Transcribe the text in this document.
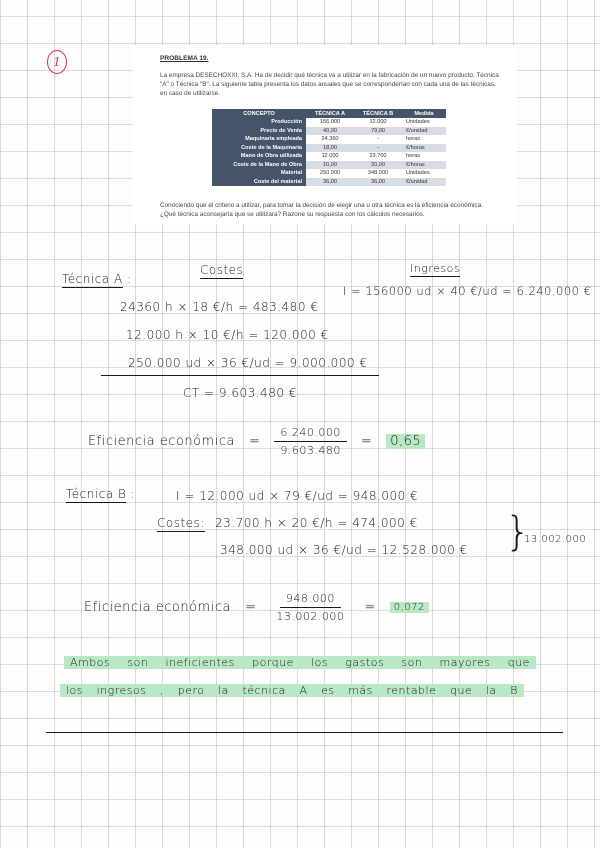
1	PROBLEMA 19.
La empresa DESECHOXXI, S.A. Ha de decidir qué técnica va a utilizar en la fabricación de un nuevo producto: Técnica "A" o Técnica "B". La siguiente tabla presenta los datos anuales que se corresponderían con cada una de las técnicas, en caso de utilizarse.
CONCEPTO	TÉCNICA A	TÉCNICA B	Medida
Producción	156.000	12.000	Unidades
Precio de Venta	40,00	79,00	€/unidad
Maquinaria empleada	24.360	-	horas
Coste de la Maquinaria	18,00	-	€/horas
Mano de Obra utilizada	12.000	23.700	horas
Coste de la Mano de Obra	10,00	20,00	€/horas
Material	250.000	348.000	Unidades
Coste del material	36,00	36,00	€/unidad
Conociendo que el criterio a utilizar, para tomar la decisión de elegir una u otra técnica es la eficiencia económica. ¿Qué técnica aconsejaría que se utilizara? Razone su respuesta con los cálculos necesarios.
Técnica A :
Costes	Ingresos
I = 156000 ud × 40 €/ud = 6.240.000 €
24360 h × 18 €/h = 483.480 €
12.000 h × 10 €/h = 120.000 €
250.000 ud × 36 €/ud = 9.000.000 €
CT = 9.603.480 €
Eficiencia económica = $\frac{6.240.000}{9.603.480}$ =	0,65
Técnica B :	I = 12.000 ud × 79 €/ud = 948.000 €
Costes: 23.700 h × 20 €/h = 474.000 €
348.000 ud × 36 €/ud = 12.528.000 € }
13.002.000
Eficiencia económica = $\frac{948.000}{13.002.000}$ =	0,072
Ambos son ineficientes porque los gastos son mayores que
los ingresos , pero la técnica A es más rentable que la B
